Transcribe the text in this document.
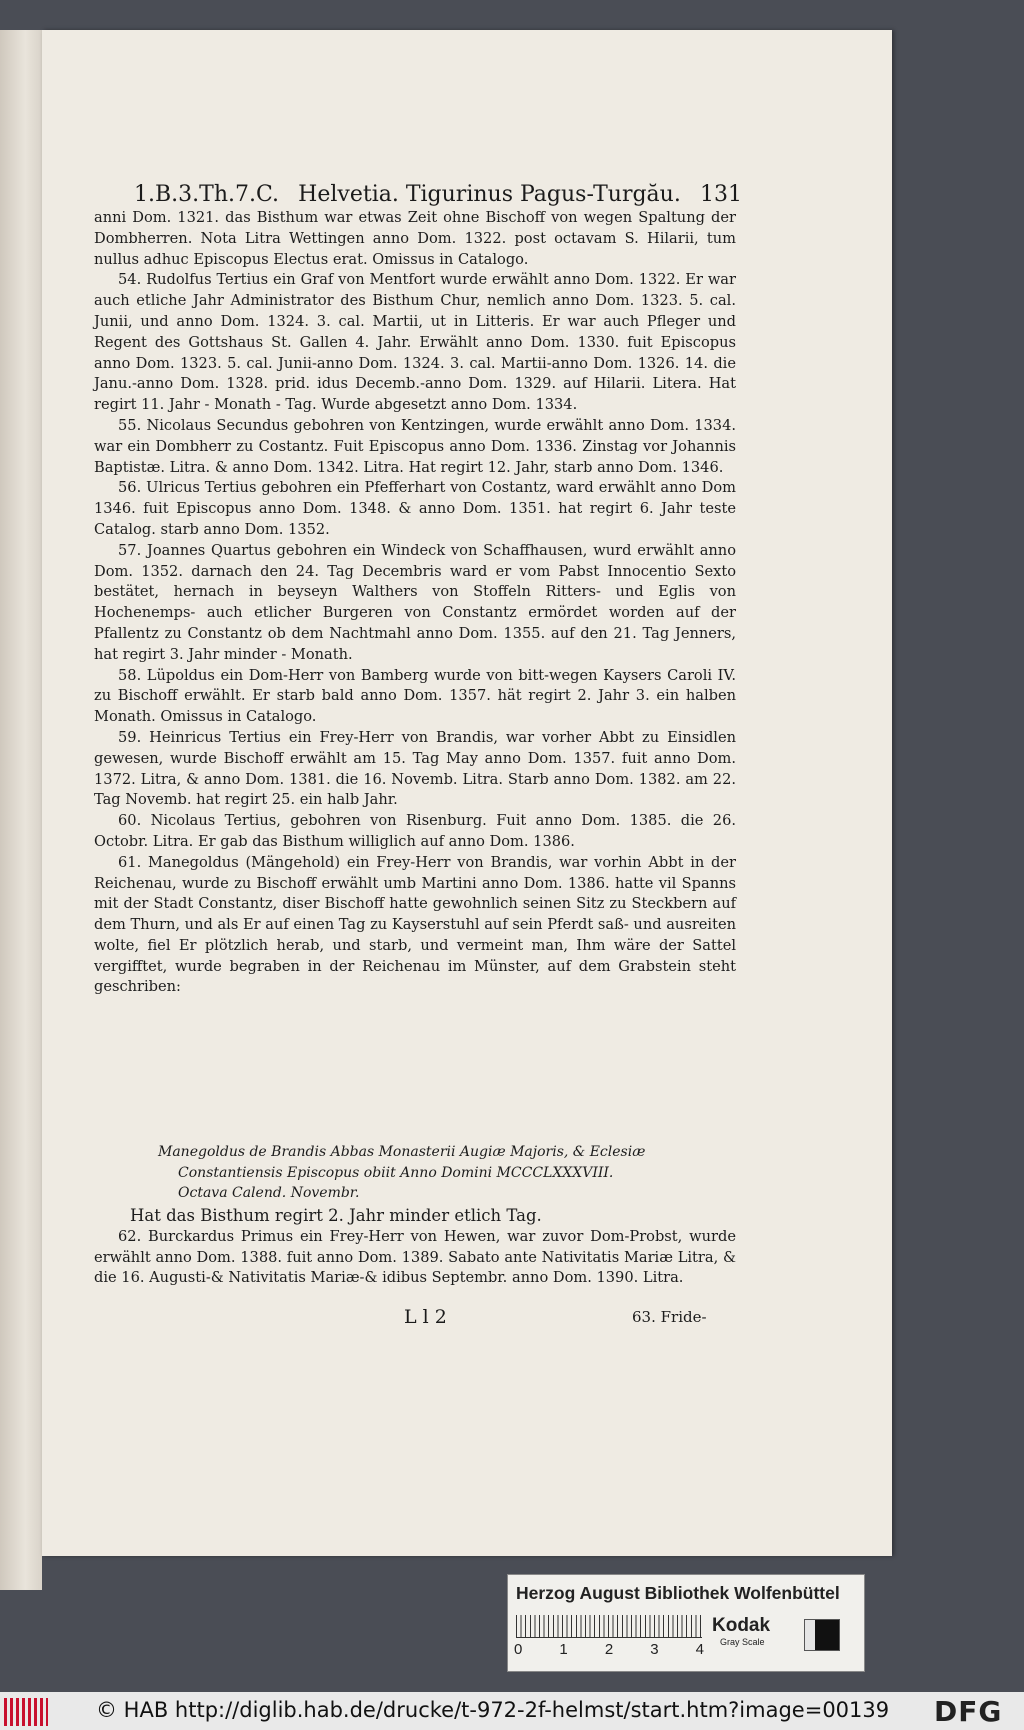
1.B.3.Th.7.C. Helvetia. Tigurinus Pagus-Turgău. 131

anni Dom. 1321. das Bisthum war etwas Zeit ohne Bischoff von wegen Spaltung der Dombherren. Nota Litra Wettingen anno Dom. 1322. post octavam S. Hilarii, tum nullus adhuc Episcopus Electus erat. Omissus in Catalogo.

54. Rudolfus Tertius ein Graf von Mentfort wurde erwählt anno Dom. 1322. Er war auch etliche Jahr Administrator des Bisthum Chur, nemlich anno Dom. 1323. 5. cal. Junii, und anno Dom. 1324. 3. cal. Martii, ut in Litteris. Er war auch Pfleger und Regent des Gottshaus St. Gallen 4. Jahr. Erwählt anno Dom. 1330. fuit Episcopus anno Dom. 1323. 5. cal. Junii-anno Dom. 1324. 3. cal. Martii-anno Dom. 1326. 14. die Janu.-anno Dom. 1328. prid. idus Decemb.-anno Dom. 1329. auf Hilarii. Litera. Hat regirt 11. Jahr - Monath - Tag. Wurde abgesetzt anno Dom. 1334.

55. Nicolaus Secundus gebohren von Kentzingen, wurde erwählt anno Dom. 1334. war ein Dombherr zu Costantz. Fuit Episcopus anno Dom. 1336. Zinstag vor Johannis Baptistæ. Litra. & anno Dom. 1342. Litra. Hat regirt 12. Jahr, starb anno Dom. 1346.

56. Ulricus Tertius gebohren ein Pfefferhart von Costantz, ward erwählt anno Dom 1346. fuit Episcopus anno Dom. 1348. & anno Dom. 1351. hat regirt 6. Jahr teste Catalog. starb anno Dom. 1352.

57. Joannes Quartus gebohren ein Windeck von Schaffhausen, wurd erwählt anno Dom. 1352. darnach den 24. Tag Decembris ward er vom Pabst Innocentio Sexto bestätet, hernach in beyseyn Walthers von Stoffeln Ritters- und Eglis von Hochenemps- auch etlicher Burgeren von Constantz ermördet worden auf der Pfallentz zu Constantz ob dem Nachtmahl anno Dom. 1355. auf den 21. Tag Jenners, hat regirt 3. Jahr minder - Monath.

58. Lüpoldus ein Dom-Herr von Bamberg wurde von bitt-wegen Kaysers Caroli IV. zu Bischoff erwählt. Er starb bald anno Dom. 1357. hät regirt 2. Jahr 3. ein halben Monath. Omissus in Catalogo.

59. Heinricus Tertius ein Frey-Herr von Brandis, war vorher Abbt zu Einsidlen gewesen, wurde Bischoff erwählt am 15. Tag May anno Dom. 1357. fuit anno Dom. 1372. Litra, & anno Dom. 1381. die 16. Novemb. Litra. Starb anno Dom. 1382. am 22. Tag Novemb. hat regirt 25. ein halb Jahr.

60. Nicolaus Tertius, gebohren von Risenburg. Fuit anno Dom. 1385. die 26. Octobr. Litra. Er gab das Bisthum williglich auf anno Dom. 1386.

61. Manegoldus (Mängehold) ein Frey-Herr von Brandis, war vorhin Abbt in der Reichenau, wurde zu Bischoff erwählt umb Martini anno Dom. 1386. hatte vil Spanns mit der Stadt Constantz, diser Bischoff hatte gewohnlich seinen Sitz zu Steckbern auf dem Thurn, und als Er auf einen Tag zu Kayserstuhl auf sein Pferdt saß- und ausreiten wolte, fiel Er plötzlich herab, und starb, und vermeint man, Ihm wäre der Sattel vergifftet, wurde begraben in der Reichenau im Münster, auf dem Grabstein steht geschriben:

Manegoldus de Brandis Abbas Monasterii Augiæ Majoris, & Eclesiæ

Constantiensis Episcopus obiit Anno Domini MCCCLXXXVIII.

Octava Calend. Novembr.

Hat das Bisthum regirt 2. Jahr minder etlich Tag.

62. Burckardus Primus ein Frey-Herr von Hewen, war zuvor Dom-Probst, wurde erwählt anno Dom. 1388. fuit anno Dom. 1389. Sabato ante Nativitatis Mariæ Litra, & die 16. Augusti-& Nativitatis Mariæ-& idibus Septembr. anno Dom. 1390. Litra.

L l 2	63. Fride-
Herzog August Bibliothek Wolfenbüttel
0 1 2 3 4
Kodak
Gray Scale
© HAB http://diglib.hab.de/drucke/t-972-2f-helmst/start.htm?image=00139 DFG
